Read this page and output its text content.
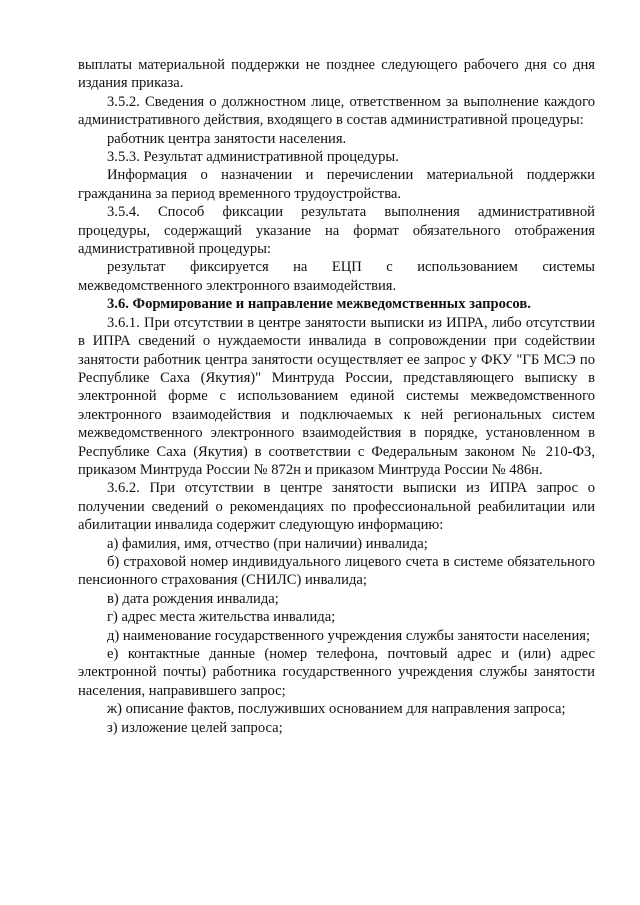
выплаты материальной поддержки не позднее следующего рабочего дня со дня издания приказа.

3.5.2. Сведения о должностном лице, ответственном за выполнение каждого административного действия, входящего в состав административной процедуры:

работник центра занятости населения.

3.5.3. Результат административной процедуры.

Информация о назначении и перечислении материальной поддержки гражданина за период временного трудоустройства.

3.5.4. Способ фиксации результата выполнения административной процедуры, содержащий указание на формат обязательного отображения административной процедуры:

результат фиксируется на ЕЦП с использованием системы межведомственного электронного взаимодействия.

3.6. Формирование и направление межведомственных запросов.

3.6.1. При отсутствии в центре занятости выписки из ИПРА, либо отсутствии в ИПРА сведений о нуждаемости инвалида в сопровождении при содействии занятости работник центра занятости осуществляет ее запрос у ФКУ "ГБ МСЭ по Республике Саха (Якутия)" Минтруда России, представляющего выписку в электронной форме с использованием единой системы межведомственного электронного взаимодействия и подключаемых к ней региональных систем межведомственного электронного взаимодействия в порядке, установленном в Республике Саха (Якутия) в соответствии с Федеральным законом № 210-ФЗ, приказом Минтруда России № 872н и приказом Минтруда России № 486н.

3.6.2. При отсутствии в центре занятости выписки из ИПРА запрос о получении сведений о рекомендациях по профессиональной реабилитации или абилитации инвалида содержит следующую информацию:

а) фамилия, имя, отчество (при наличии) инвалида;

б) страховой номер индивидуального лицевого счета в системе обязательного пенсионного страхования (СНИЛС) инвалида;

в) дата рождения инвалида;

г) адрес места жительства инвалида;

д) наименование государственного учреждения службы занятости населения;

е) контактные данные (номер телефона, почтовый адрес и (или) адрес электронной почты) работника государственного учреждения службы занятости населения, направившего запрос;

ж) описание фактов, послуживших основанием для направления запроса;

з) изложение целей запроса;
